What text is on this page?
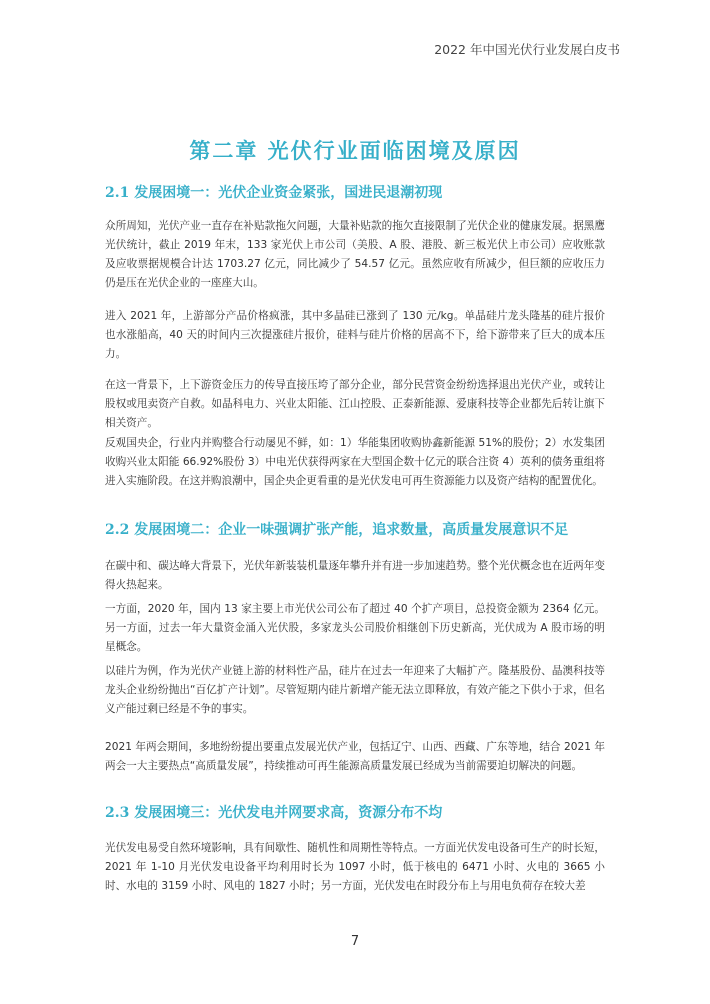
2022 年中国光伏行业发展白皮书
第二章 光伏行业面临困境及原因
2.1 发展困境一：光伏企业资金紧张，国进民退潮初现

众所周知，光伏产业一直存在补贴款拖欠问题，大量补贴款的拖欠直接限制了光伏企业的健康发展。据黑鹰光伏统计，截止 2019 年末，133 家光伏上市公司（美股、A 股、港股、新三板光伏上市公司）应收账款及应收票据规模合计达 1703.27 亿元，同比减少了 54.57 亿元。虽然应收有所减少，但巨额的应收压力仍是压在光伏企业的一座座大山。

进入 2021 年，上游部分产品价格疯涨，其中多晶硅已涨到了 130 元/kg。单晶硅片龙头隆基的硅片报价也水涨船高，40 天的时间内三次提涨硅片报价，硅料与硅片价格的居高不下，给下游带来了巨大的成本压力。

在这一背景下，上下游资金压力的传导直接压垮了部分企业，部分民营资金纷纷选择退出光伏产业，或转让股权或甩卖资产自救。如晶科电力、兴业太阳能、江山控股、正泰新能源、爱康科技等企业都先后转让旗下相关资产。

反观国央企，行业内并购整合行动屡见不鲜，如：1）华能集团收购协鑫新能源 51%的股份；2）水发集团收购兴业太阳能 66.92%股份 3）中电光伏获得两家在大型国企数十亿元的联合注资 4）英利的债务重组将进入实施阶段。在这并购浪潮中，国企央企更看重的是光伏发电可再生资源能力以及资产结构的配置优化。

2.2 发展困境二：企业一味强调扩张产能，追求数量，高质量发展意识不足

在碳中和、碳达峰大背景下，光伏年新装装机量逐年攀升并有进一步加速趋势。整个光伏概念也在近两年变得火热起来。

一方面，2020 年，国内 13 家主要上市光伏公司公布了超过 40 个扩产项目，总投资金额为 2364 亿元。另一方面，过去一年大量资金涌入光伏股，多家龙头公司股价相继创下历史新高，光伏成为 A 股市场的明星概念。

以硅片为例，作为光伏产业链上游的材料性产品，硅片在过去一年迎来了大幅扩产。隆基股份、晶澳科技等龙头企业纷纷抛出“百亿扩产计划”。尽管短期内硅片新增产能无法立即释放，有效产能之下供小于求，但名义产能过剩已经是不争的事实。

2021 年两会期间，多地纷纷提出要重点发展光伏产业，包括辽宁、山西、西藏、广东等地，结合 2021 年两会一大主要热点“高质量发展”，持续推动可再生能源高质量发展已经成为当前需要迫切解决的问题。

2.3 发展困境三：光伏发电并网要求高，资源分布不均

光伏发电易受自然环境影响，具有间歇性、随机性和周期性等特点。一方面光伏发电设备可生产的时长短，2021 年 1-10 月光伏发电设备平均利用时长为 1097 小时，低于核电的 6471 小时、火电的 3665 小时、水电的 3159 小时、风电的 1827 小时；另一方面，光伏发电在时段分布上与用电负荷存在较大差

7
